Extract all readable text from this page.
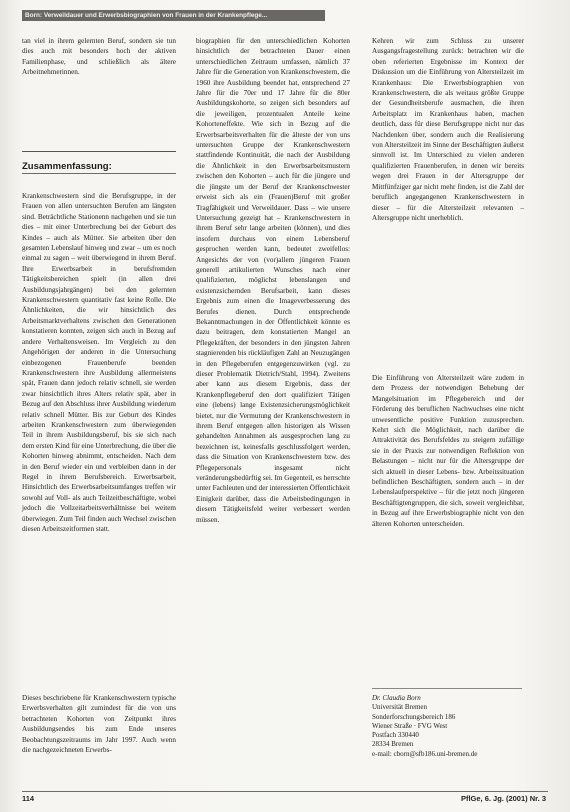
Born: Verweildauer und Erwerbsbiographien von Frauen in der Krankenpflege...

tan viel in ihrem gelernten Beruf, sondern sie tun dies auch mit besonders hoch der aktiven Familienphase, und schließlich als ältere Arbeitnehmerinnen.

Zusammenfassung:

Krankenschwestern sind die Berufsgruppe, in der Frauen von allen untersuchten Berufen am längsten sind. Beträchtliche Stationenn nachgehen und sie tun dies – mit einer Unterbrechung bei der Geburt des Kindes – auch als Mütter. Sie arbeiten über den gesamten Lebenslauf hinweg und zwar – um es noch einmal zu sagen – weit überwiegend in ihrem Beruf. Ihre Erwerbsarbeit in berufsfremden Tätigkeitsbereichen spielt (in allen drei Ausbildungsjahrgängen) bei den gelernten Krankenschwestern quantitativ fast keine Rolle. Die Ähnlichkeiten, die wir hinsichtlich des Arbeitsmarktverhaltens zwischen den Generationen konstatieren konnten, zeigen sich auch in Bezug auf andere Verhaltensweisen. Im Vergleich zu den Angehörigen der anderen in die Untersuchung einbezogenen Frauenberufe beenden Krankenschwestern ihre Ausbildung allermeistens spät, Frauen dann jedoch relativ schnell, sie werden zwar hinsichtlich ihres Alters relativ spät, aber in Bezug auf den Abschluss ihrer Ausbildung wiederum relativ schnell Mütter. Bis zur Geburt des Kindes arbeiten Krankenschwestern zum überwiegenden Teil in ihrem Ausbildungsberuf, bis sie sich nach dem ersten Kind für eine Unterbrechung, die über die Kohorten hinweg abnimmt, entscheiden. Nach dem in den Beruf wieder ein und verbleiben dann in der Regel in ihrem Berufsbereich. Erwerbsarbeit, Hinsichtlich des Erwerbsarbeitsumfanges treffen wir sowohl auf Voll- als auch Teilzeitbeschäftigte, wobei jedoch die Vollzeitarbeitsverhältnisse bei weitem überwiegen. Zum Teil finden auch Wechsel zwischen diesen Arbeitszeitformen statt.

Dieses beschriebene für Krankenschwestern typische Erwerbsverhalten gilt zumindest für die von uns betrachteten Kohorten von Zeitpunkt ihres Ausbildungsendes bis zum Ende unseres Beobachtungszeitraums im Jahr 1997. Auch wenn die nachgezeichneten Erwerbs-

biographien für den unterschiedlichen Kohorten hinsichtlich der betrachteten Dauer einen unterschiedlichen Zeitraum umfassen, nämlich 37 Jahre für die Generation von Krankenschwestern, die 1960 ihre Ausbildung beendet hat, entsprechend 27 Jahre für die 70er und 17 Jahre für die 80er Ausbildungskohorte, so zeigen sich besonders auf die jeweiligen, prozentualen Anteile keine Kohorteneffekte. Wie sich in Bezug auf die Erwerbsarbeitsverhalten für die älteste der von uns untersuchten Gruppe der Krankenschwestern stattfindende Kontinuität, die nach der Ausbildung die Ähnlichkeit in den Erwerbsarbeitsmustern zwischen den Kohorten – auch für die jüngere und die jüngste um der Beruf der Krankenschwester erweist sich als ein (Frauen)Beruf mit großer Tragfähigkeit und Verweildauer. Dass – wie unsere Untersuchung gezeigt hat – Krankenschwestern in ihrem Beruf sehr lange arbeiten (können), und dies insofern durchaus von einem Lebensberuf gesprochen werden kann, bedeutet zweifellos: Angesichts der von (vor)allem jüngeren Frauen generell artikulierten Wunsches nach einer qualifizierten, möglichst lebenslangen und existenzsichernden Berufsarbeit, kann dieses Ergebnis zum einen die Imageverbesserung des Berufes dienen. Durch entsprechende Bekanntmachungen in der Öffentlichkeit könnte es dazu beitragen, dem konstatierten Mangel an Pflegekräften, der besonders in den jüngsten Jahren stagnierenden bis rückläufigen Zahl an Neuzugängen in den Pflegeberufen entgegenzuwirken (vgl. zu dieser Problematik Dietrich/Stahl, 1994). Zweitens aber kann aus diesem Ergebnis, dass der Krankenpflegeberuf den dort qualifiziert Tätigen eine (lebens) lange Existenzsicherungsmöglichkeit bietet, nur die Vermutung der Krankenschwestern in ihrem Beruf entgegen allen historigen als Wissen gehandelten Annahmen als ausgesprochen lang zu bezeichnen ist, keinesfalls geschlussfolgert werden, dass die Situation von Krankenschwestern bzw. des Pflegepersonals insgesamt nicht veränderungsbedürftig sei. Im Gegenteil, es herrschte unter Fachleuten und der interessierten Öffentlichkeit Einigkeit darüber, dass die Arbeitsbedingungen in diesem Tätigkeitsfeld weiter verbessert werden müssen.

Kehren wir zum Schluss zu unserer Ausgangsfragestellung zurück: betrachten wir die oben referierten Ergebnisse im Kontext der Diskussion um die Einführung von Altersteilzeit im Krankenhaus: Die Erwerbsbiographien von Krankenschwestern, die als weitaus größte Gruppe der Gesundheitsberufe ausmachen, die ihren Arbeitsplatz im Krankenhaus haben, machen deutlich, dass für diese Berufsgruppe nicht nur das Nachdenken über, sondern auch die Realisierung von Altersteilzeit im Sinne der Beschäftigten äußerst sinnvoll ist. Im Unterschied zu vielen anderen qualifizierten Frauenberufen, in denen wir bereits wegen drei Frauen in der Altersgruppe der Mittfünfziger gar nicht mehr finden, ist die Zahl der beruflich angegangenen Krankenschwestern in dieser – für die Altersteilzeit relevanten – Altersgruppe nicht unerheblich.

Die Einführung von Altersteilzeit wäre zudem in dem Prozess der notwendigen Behebung der Mangelsituation im Pflegebereich und der Förderung des beruflichen Nachwuchses eine nicht unwesentliche positive Funktion zuzusprechen. Kehrt sich die Möglichkeit, nach darüber die Attraktivität des Berufsfeldes zu steigern zufällige sie in der Praxis zur notwendigen Reflektion von Belastungen – nicht nur für die Altersgruppe der sich aktuell in dieser Lebens- bzw. Arbeitssituation befindlichen Beschäftigten, sondern auch – in der Lebenslaufperspektive – für die jetzt noch jüngeren Beschäftigtengruppen, die sich, soweit vergleichbar, in Bezug auf ihre Erwerbsbiographie nicht von den älteren Kohorten unterscheiden.

Dr. Claudia Born
Universität Bremen
Sonderforschungsbereich 186
Wiener Straße · FVG West
Postfach 330440
28334 Bremen
e-mail: cborn@sfb186.uni-bremen.de
114	PflGe, 6. Jg. (2001) Nr. 3
